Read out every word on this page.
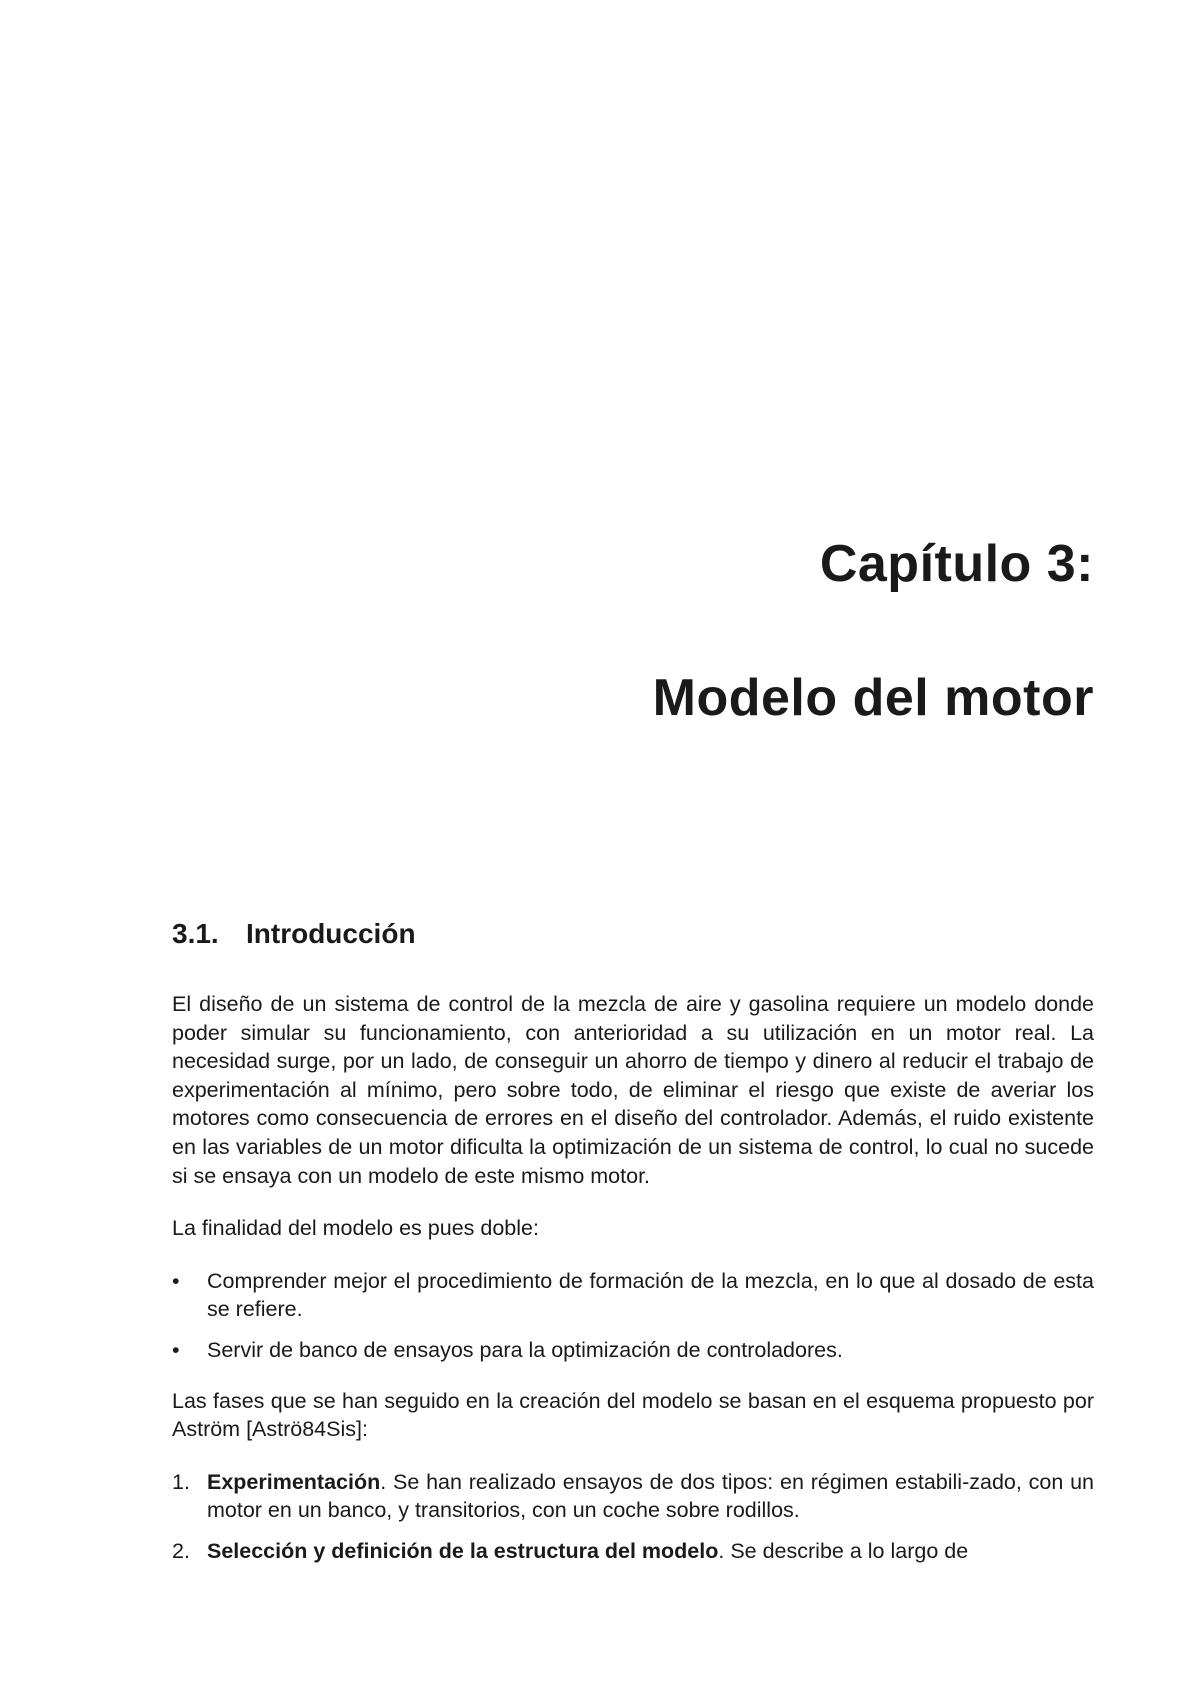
Capítulo 3:
Modelo del motor
3.1. Introducción

El diseño de un sistema de control de la mezcla de aire y gasolina requiere un modelo donde poder simular su funcionamiento, con anterioridad a su utilización en un motor real. La necesidad surge, por un lado, de conseguir un ahorro de tiempo y dinero al reducir el trabajo de experimentación al mínimo, pero sobre todo, de eliminar el riesgo que existe de averiar los motores como consecuencia de errores en el diseño del controlador. Además, el ruido existente en las variables de un motor dificulta la optimización de un sistema de control, lo cual no sucede si se ensaya con un modelo de este mismo motor.

La finalidad del modelo es pues doble:

• Comprender mejor el procedimiento de formación de la mezcla, en lo que al dosado de esta se refiere.
• Servir de banco de ensayos para la optimización de controladores.

Las fases que se han seguido en la creación del modelo se basan en el esquema propuesto por Aström [Aströ84Sis]:

1. Experimentación. Se han realizado ensayos de dos tipos: en régimen estabili-zado, con un motor en un banco, y transitorios, con un coche sobre rodillos.
2. Selección y definición de la estructura del modelo. Se describe a lo largo de
